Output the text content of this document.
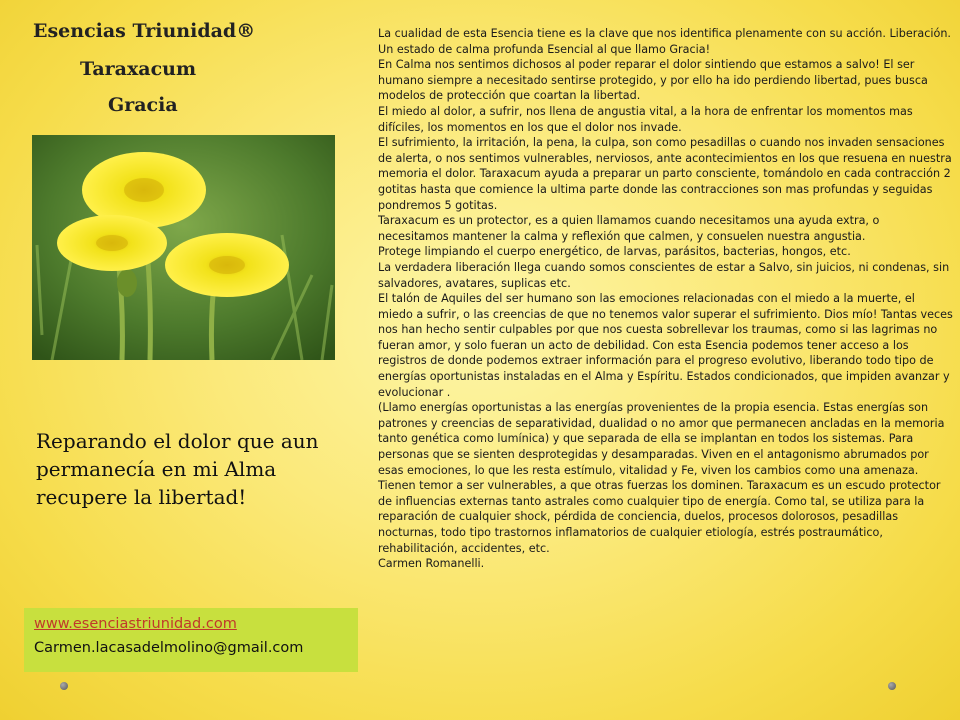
Esencias Triunidad®
Taraxacum
Gracia
Reparando el dolor que aun permanecía en mi Alma recupere la libertad!
www.esenciastriunidad.com
Carmen.lacasadelmolino@gmail.com

La cualidad de esta Esencia tiene es la clave que nos identifica plenamente con su acción. Liberación. Un estado de calma profunda Esencial al que llamo Gracia!

En Calma nos sentimos dichosos al poder reparar el dolor sintiendo que estamos a salvo! El ser humano siempre a necesitado sentirse protegido, y por ello ha ido perdiendo libertad, pues busca modelos de protección que coartan la libertad.

El miedo al dolor, a sufrir, nos llena de angustia vital, a la hora de enfrentar los momentos mas difíciles, los momentos en los que el dolor nos invade.

El sufrimiento, la irritación, la pena, la culpa, son como pesadillas o cuando nos invaden sensaciones de alerta, o nos sentimos vulnerables, nerviosos, ante acontecimientos en los que resuena en nuestra memoria el dolor. Taraxacum ayuda a preparar un parto consciente, tomándolo en cada contracción 2 gotitas hasta que comience la ultima parte donde las contracciones son mas profundas y seguidas pondremos 5 gotitas.

Taraxacum es un protector, es a quien llamamos cuando necesitamos una ayuda extra, o necesitamos mantener la calma y reflexión que calmen, y consuelen nuestra angustia.

Protege limpiando el cuerpo energético, de larvas, parásitos, bacterias, hongos, etc.

La verdadera liberación llega cuando somos conscientes de estar a Salvo, sin juicios, ni condenas, sin salvadores, avatares, suplicas etc.

El talón de Aquiles del ser humano son las emociones relacionadas con el miedo a la muerte, el miedo a sufrir, o las creencias de que no tenemos valor superar el sufrimiento. Dios mío! Tantas veces nos han hecho sentir culpables por que nos cuesta sobrellevar los traumas, como si las lagrimas no fueran amor, y solo fueran un acto de debilidad. Con esta Esencia podemos tener acceso a los registros de donde podemos extraer información para el progreso evolutivo, liberando todo tipo de energías oportunistas instaladas en el Alma y Espíritu. Estados condicionados, que impiden avanzar y evolucionar .

(Llamo energías oportunistas a las energías provenientes de la propia esencia. Estas energías son patrones y creencias de separatividad, dualidad o no amor que permanecen ancladas en la memoria tanto genética como lumínica) y que separada de ella se implantan en todos los sistemas. Para personas que se sienten desprotegidas y desamparadas. Viven en el antagonismo abrumados por esas emociones, lo que les resta estímulo, vitalidad y Fe, viven los cambios como una amenaza. Tienen temor a ser vulnerables, a que otras fuerzas los dominen. Taraxacum es un escudo protector de influencias externas tanto astrales como cualquier tipo de energía. Como tal, se utiliza para la reparación de cualquier shock, pérdida de conciencia, duelos, procesos dolorosos, pesadillas nocturnas, todo tipo trastornos inflamatorios de cualquier etiología, estrés postraumático, rehabilitación, accidentes, etc.

Carmen Romanelli.
